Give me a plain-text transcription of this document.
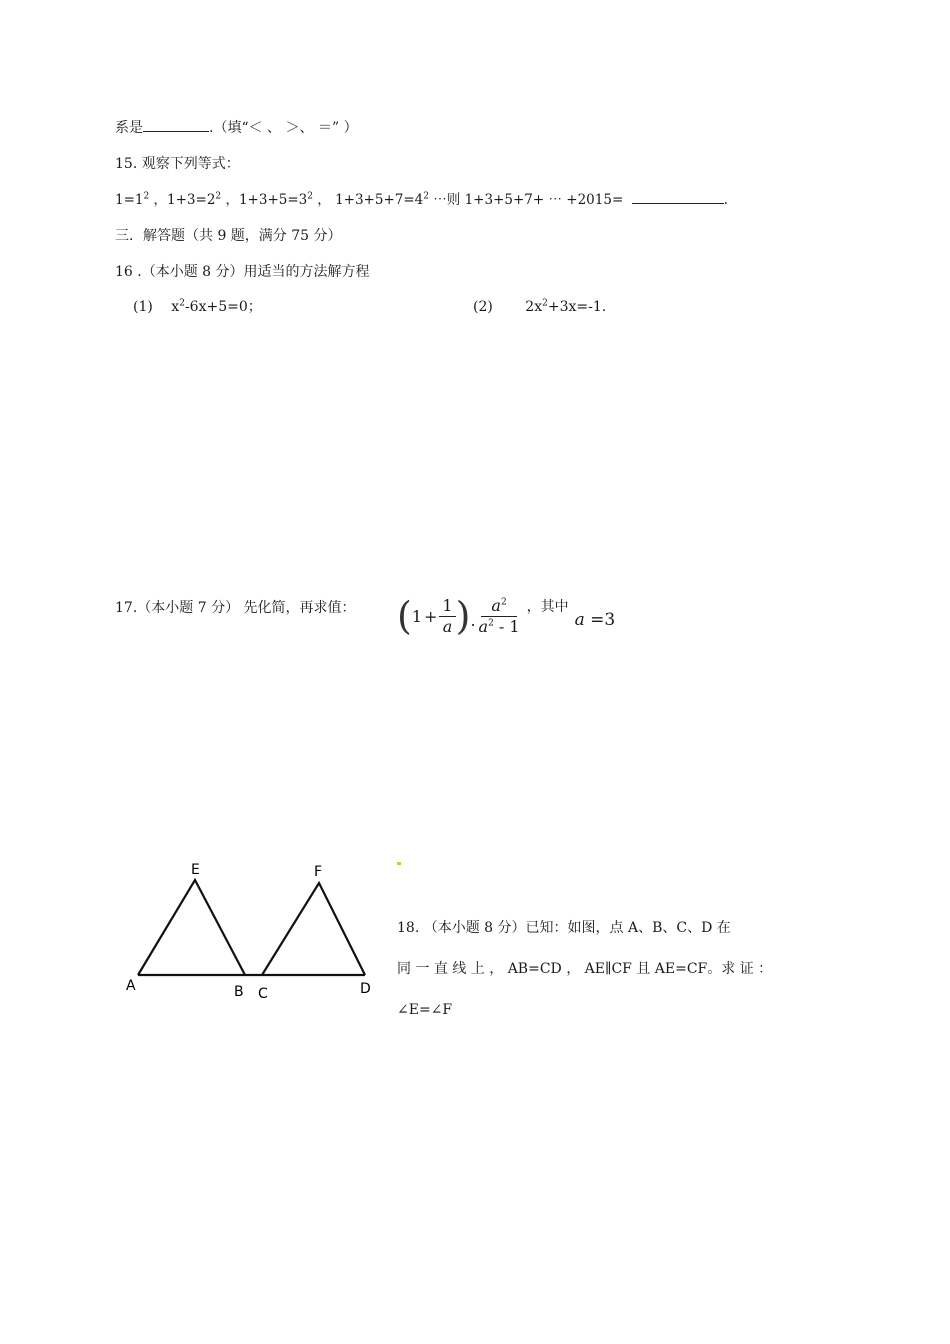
系是	.（填“＜ 、 ＞、 ＝” ）
15. 观察下列等式：
$1=1^2$ ，$1+3=2^2$ ，$1+3+5=3^2$ ， $1+3+5+7=4^2$ ⋯则 1+3+5+7+ ⋯ +2015=	.
三．解答题（共 9 题，满分 75 分）
16 .（本小题 8 分）用适当的方法解方程
(1) $x^2-6x+5=0$；	(2) $2x^2+3x=-1$.
17.（本小题 7 分） 先化简，再求值： ( $1 + \frac{1}{a}$ ) . $\frac{a^2}{a^2 - 1}$ ，其中
a =3
E	F
A	B C	D
18. （本小题 8 分）已知：如图，点 A、B、C、D 在
同 一 直 线 上 ， AB=CD ， AE∥CF 且 AE=CF。求 证 ：
∠E=∠F
